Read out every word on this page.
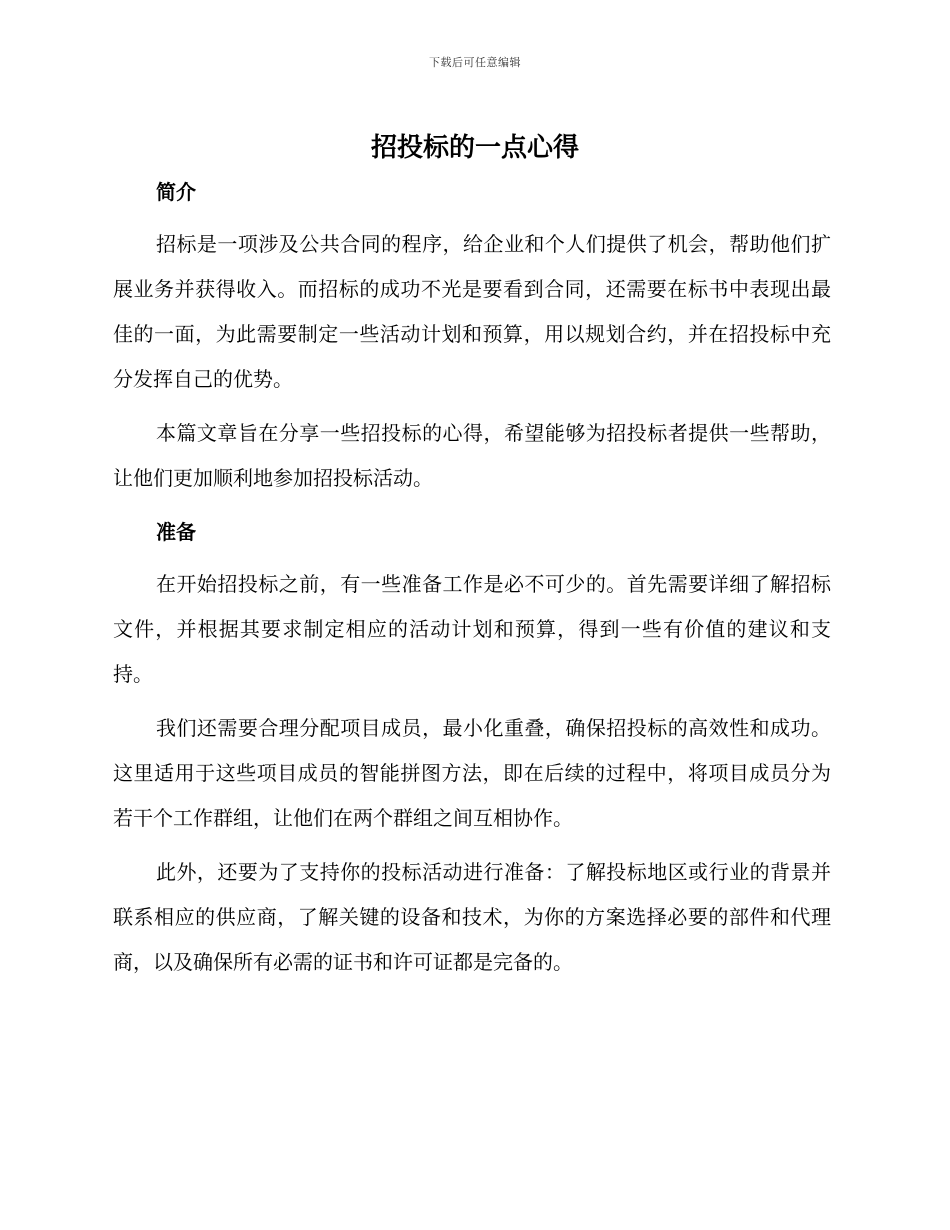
下载后可任意编辑
招投标的一点心得
简介

招标是一项涉及公共合同的程序，给企业和个人们提供了机会，帮助他们扩展业务并获得收入。而招标的成功不光是要看到合同，还需要在标书中表现出最佳的一面，为此需要制定一些活动计划和预算，用以规划合约，并在招投标中充分发挥自己的优势。

本篇文章旨在分享一些招投标的心得，希望能够为招投标者提供一些帮助，让他们更加顺利地参加招投标活动。

准备

在开始招投标之前，有一些准备工作是必不可少的。首先需要详细了解招标文件，并根据其要求制定相应的活动计划和预算，得到一些有价值的建议和支持。

我们还需要合理分配项目成员，最小化重叠，确保招投标的高效性和成功。这里适用于这些项目成员的智能拼图方法，即在后续的过程中，将项目成员分为若干个工作群组，让他们在两个群组之间互相协作。

此外，还要为了支持你的投标活动进行准备：了解投标地区或行业的背景并联系相应的供应商，了解关键的设备和技术，为你的方案选择必要的部件和代理商，以及确保所有必需的证书和许可证都是完备的。
